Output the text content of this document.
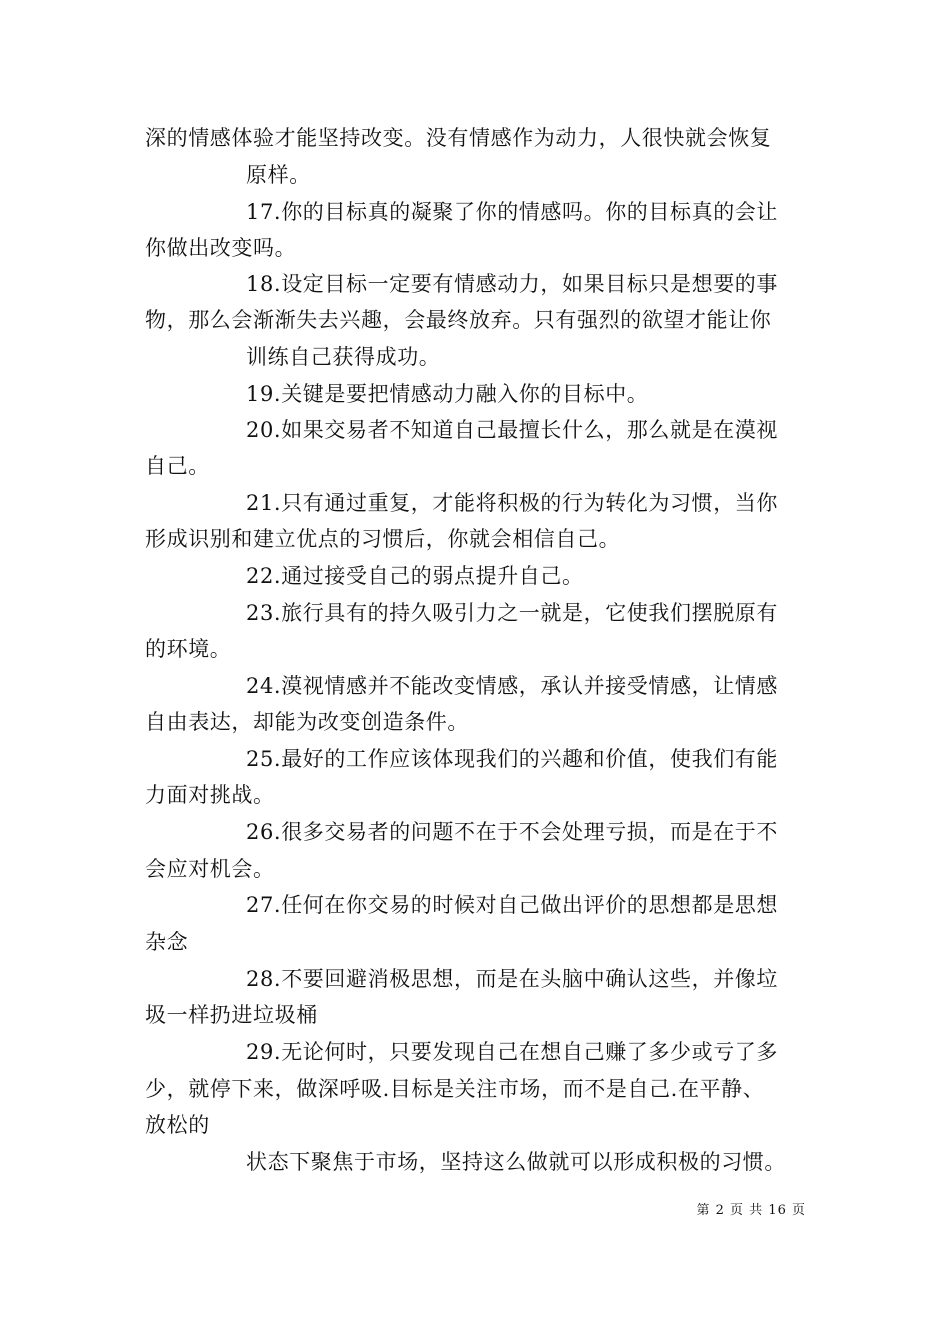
深的情感体验才能坚持改变。没有情感作为动力，人很快就会恢复
原样。
17.你的目标真的凝聚了你的情感吗。你的目标真的会让
你做出改变吗。
18.设定目标一定要有情感动力，如果目标只是想要的事
物，那么会渐渐失去兴趣，会最终放弃。只有强烈的欲望才能让你
训练自己获得成功。
19.关键是要把情感动力融入你的目标中。
20.如果交易者不知道自己最擅长什么，那么就是在漠视
自己。
21.只有通过重复，才能将积极的行为转化为习惯，当你
形成识别和建立优点的习惯后，你就会相信自己。
22.通过接受自己的弱点提升自己。
23.旅行具有的持久吸引力之一就是，它使我们摆脱原有
的环境。
24.漠视情感并不能改变情感，承认并接受情感，让情感
自由表达，却能为改变创造条件。
25.最好的工作应该体现我们的兴趣和价值，使我们有能
力面对挑战。
26.很多交易者的问题不在于不会处理亏损，而是在于不
会应对机会。
27.任何在你交易的时候对自己做出评价的思想都是思想
杂念
28.不要回避消极思想，而是在头脑中确认这些，并像垃
圾一样扔进垃圾桶
29.无论何时，只要发现自己在想自己赚了多少或亏了多
少，就停下来，做深呼吸.目标是关注市场，而不是自己.在平静、
放松的
状态下聚焦于市场，坚持这么做就可以形成积极的习惯。
第 2 页 共 16 页
